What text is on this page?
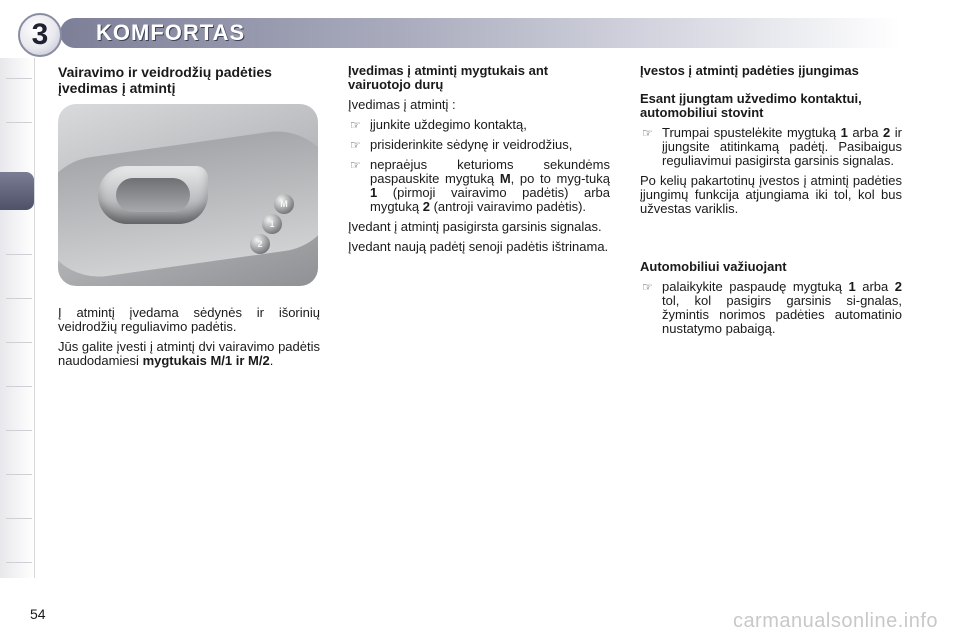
3	KOMFORTAS
Vairavimo ir veidrodžių padėties įvedimas į atmintį
M
1
2

Į atmintį įvedama sėdynės ir išorinių veidrodžių reguliavimo padėtis.

Jūs galite įvesti į atmintį dvi vairavimo padėtis naudodamiesi mygtukais M/1 ir M/2.

Įvedimas į atmintį mygtukais ant vairuotojo durų

Įvedimas į atmintį :

☞ įjunkite uždegimo kontaktą,
☞ prisiderinkite sėdynę ir veidrodžius,
☞ nepraėjus keturioms sekundėms paspauskite mygtuką M, po to myg-tuką 1 (pirmoji vairavimo padėtis) arba mygtuką 2 (antroji vairavimo padėtis).

Įvedant į atmintį pasigirsta garsinis signalas.

Įvedant naują padėtį senoji padėtis ištrinama.

Įvestos į atmintį padėties įjungimas
Esant įjungtam užvedimo kontaktui, automobiliui stovint
☞ Trumpai spustelėkite mygtuką 1 arba 2 ir įjungsite atitinkamą padėtį. Pasibaigus reguliavimui pasigirsta garsinis signalas.

Po kelių pakartotinų įvestos į atmintį padėties įjungimų funkcija atjungiama iki tol, kol bus užvestas variklis.

Automobiliui važiuojant
☞ palaikykite paspaudę mygtuką 1 arba 2 tol, kol pasigirs garsinis si-gnalas, žymintis norimos padėties automatinio nustatymo pabaigą.
54	carmanualsonline.info
